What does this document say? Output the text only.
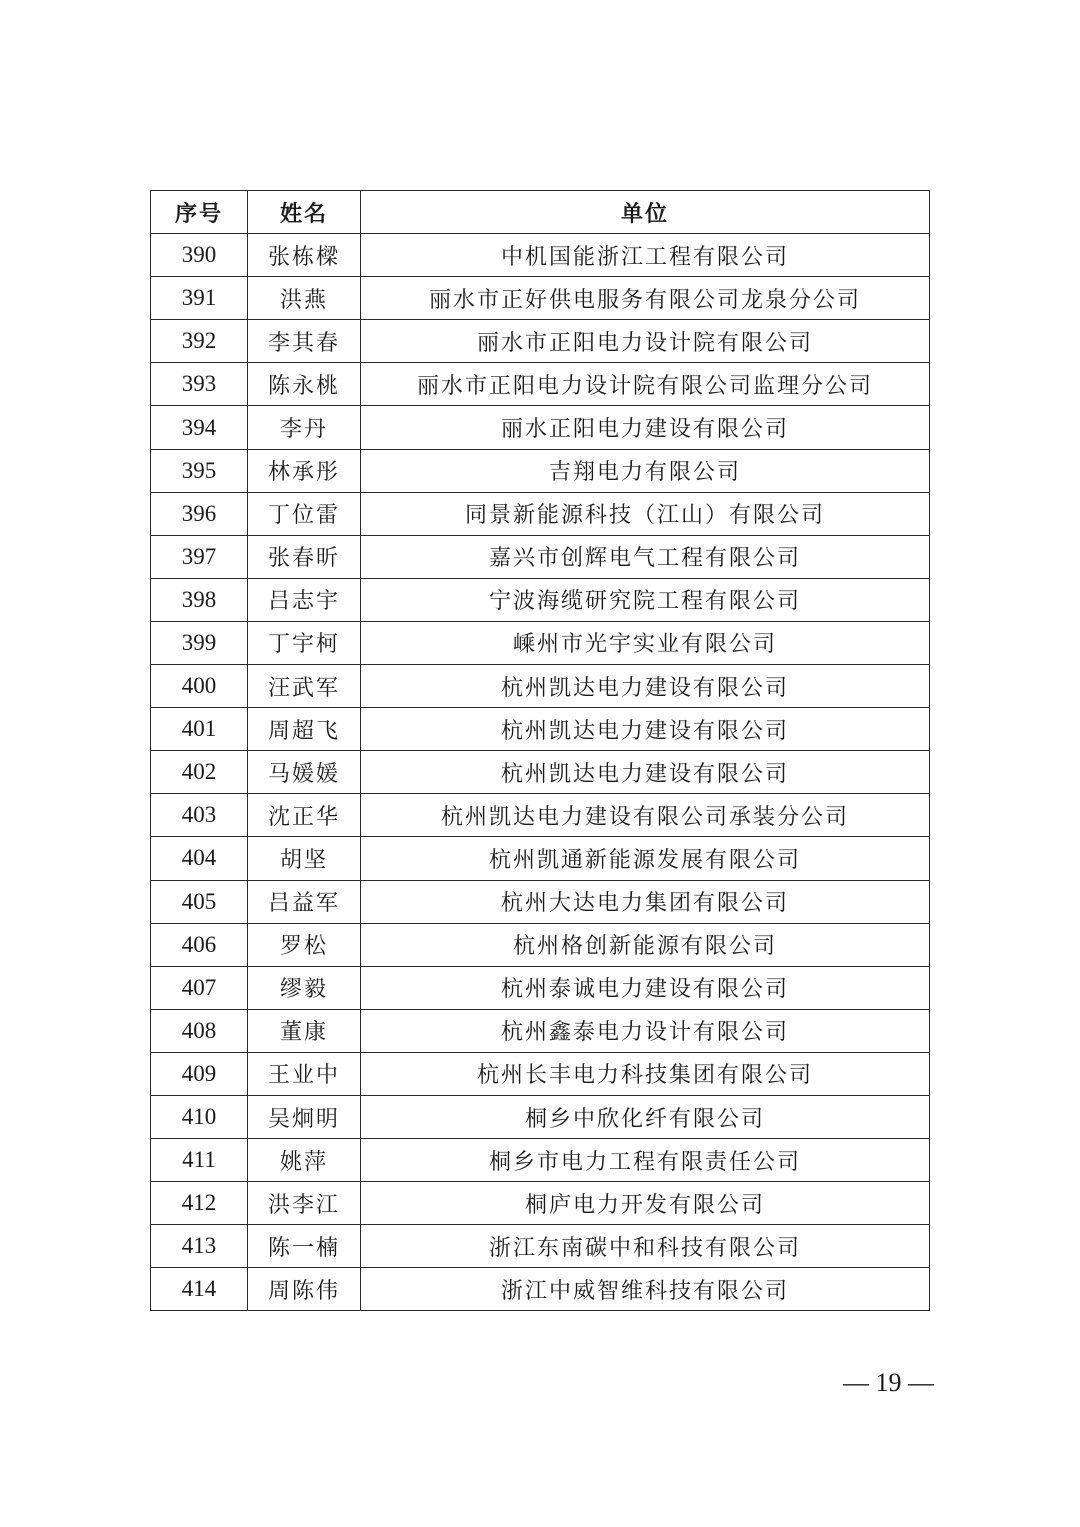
序号	姓名	单位
390	张栋樑	中机国能浙江工程有限公司
391	洪燕	丽水市正好供电服务有限公司龙泉分公司
392	李其春	丽水市正阳电力设计院有限公司
393	陈永桃	丽水市正阳电力设计院有限公司监理分公司
394	李丹	丽水正阳电力建设有限公司
395	林承彤	吉翔电力有限公司
396	丁位雷	同景新能源科技（江山）有限公司
397	张春昕	嘉兴市创辉电气工程有限公司
398	吕志宇	宁波海缆研究院工程有限公司
399	丁宇柯	嵊州市光宇实业有限公司
400	汪武军	杭州凯达电力建设有限公司
401	周超飞	杭州凯达电力建设有限公司
402	马媛媛	杭州凯达电力建设有限公司
403	沈正华	杭州凯达电力建设有限公司承装分公司
404	胡坚	杭州凯通新能源发展有限公司
405	吕益军	杭州大达电力集团有限公司
406	罗松	杭州格创新能源有限公司
407	缪毅	杭州泰诚电力建设有限公司
408	董康	杭州鑫泰电力设计有限公司
409	王业中	杭州长丰电力科技集团有限公司
410	吴炯明	桐乡中欣化纤有限公司
411	姚萍	桐乡市电力工程有限责任公司
412	洪李江	桐庐电力开发有限公司
413	陈一楠	浙江东南碳中和科技有限公司
414	周陈伟	浙江中威智维科技有限公司
— 19 —
